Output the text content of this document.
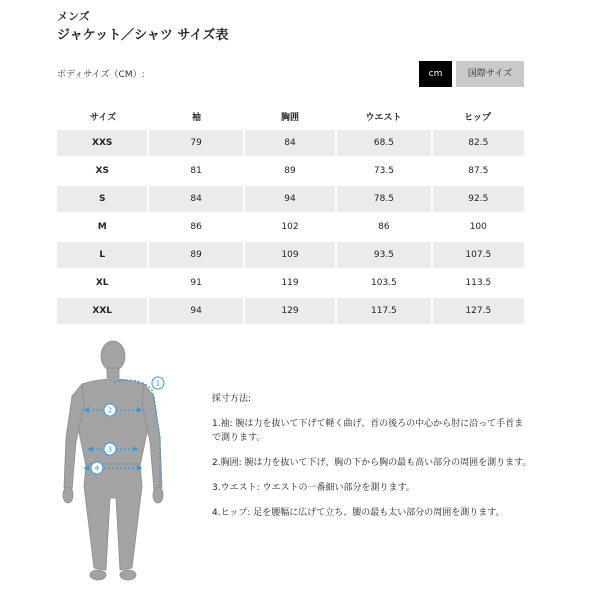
メンズ
ジャケット／シャツ サイズ表
ボディサイズ（CM）:	cm	国際サイズ
サイズ	袖	胸囲	ウエスト	ヒップ
XXS	79	84	68.5	82.5
XS	81	89	73.5	87.5
S	84	94	78.5	92.5
M	86	102	86	100
L	89	109	93.5	107.5
XL	91	119	103.5	113.5
XXL	94	129	117.5	127.5
1
2
3
4

採寸方法:

1.袖: 腕は力を抜いて下げて軽く曲げ、首の後ろの中心から肘に沿って手首まで測ります。

2.胸囲: 腕は力を抜いて下げ、胸の下から胸の最も高い部分の周囲を測ります。

3.ウエスト: ウエストの一番細い部分を測ります。

4.ヒップ: 足を腰幅に広げて立ち、腰の最も太い部分の周囲を測ります。
